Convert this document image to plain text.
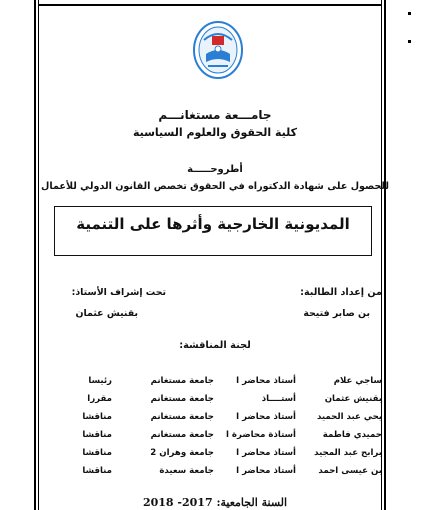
جامـــعة مستغانـــم
كلية الحقوق والعلوم السياسية
أطروحـــــة
للحصول على شهادة الدكتوراه في الحقوق تخصص القانون الدولي للأعمال
المديونية الخارجية وأثرها على التنمية
من إعداد الطالبة:
بن صابر فتيحة
تحت إشراف الأستاذ:
بقنيش عثمان
لجنة المناقشة:
ساجي علام
أستاذ محاضر ا
جامعة مستغانم
رئيسا
بقنيش عثمان
أستــــاذ
جامعة مستغانم
مقررا
يحي عبد الحميد
أستاذ محاضر ا
جامعة مستغانم
مناقشا
حميدي فاطمة
أستاذة محاضرة ا
جامعة مستغانم
مناقشا
برابح عبد المجيد
أستاذ محاضر ا
جامعة وهران 2
مناقشا
بن عيسى احمد
أستاذ محاضر ا
جامعة سعيدة
مناقشا
السنة الجامعية: 2017- 2018
